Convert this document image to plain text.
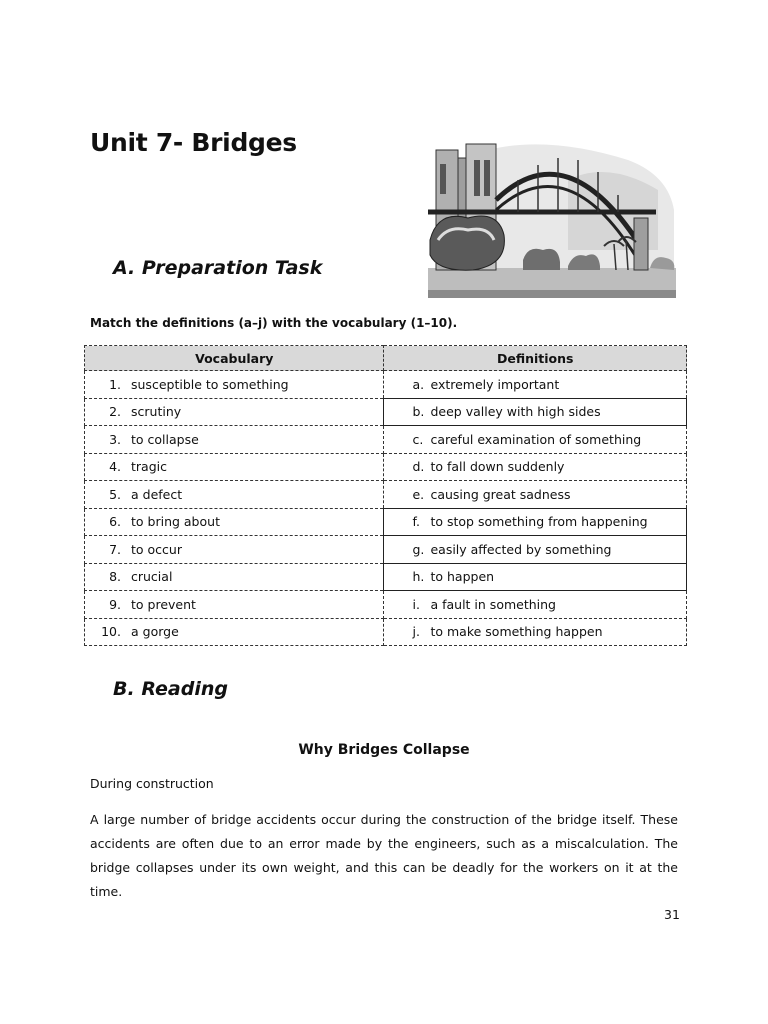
Unit 7- Bridges
A. Preparation Task

Match the definitions (a–j) with the vocabulary (1–10).

Vocabulary	Definitions

1. susceptible to something	a. extremely important

2. scrutiny	b. deep valley with high sides

3. to collapse	c. careful examination of something

4. tragic	d. to fall down suddenly

5. a defect	e. causing great sadness

6. to bring about	f. to stop something from happening

7. to occur	g. easily affected by something

8. crucial	h. to happen

9. to prevent	i. a fault in something

10. a gorge	j. to make something happen
B. Reading
Why Bridges Collapse

During construction

A large number of bridge accidents occur during the construction of the bridge itself. These accidents are often due to an error made by the engineers, such as a miscalculation. The bridge collapses under its own weight, and this can be deadly for the workers on it at the time.

31
